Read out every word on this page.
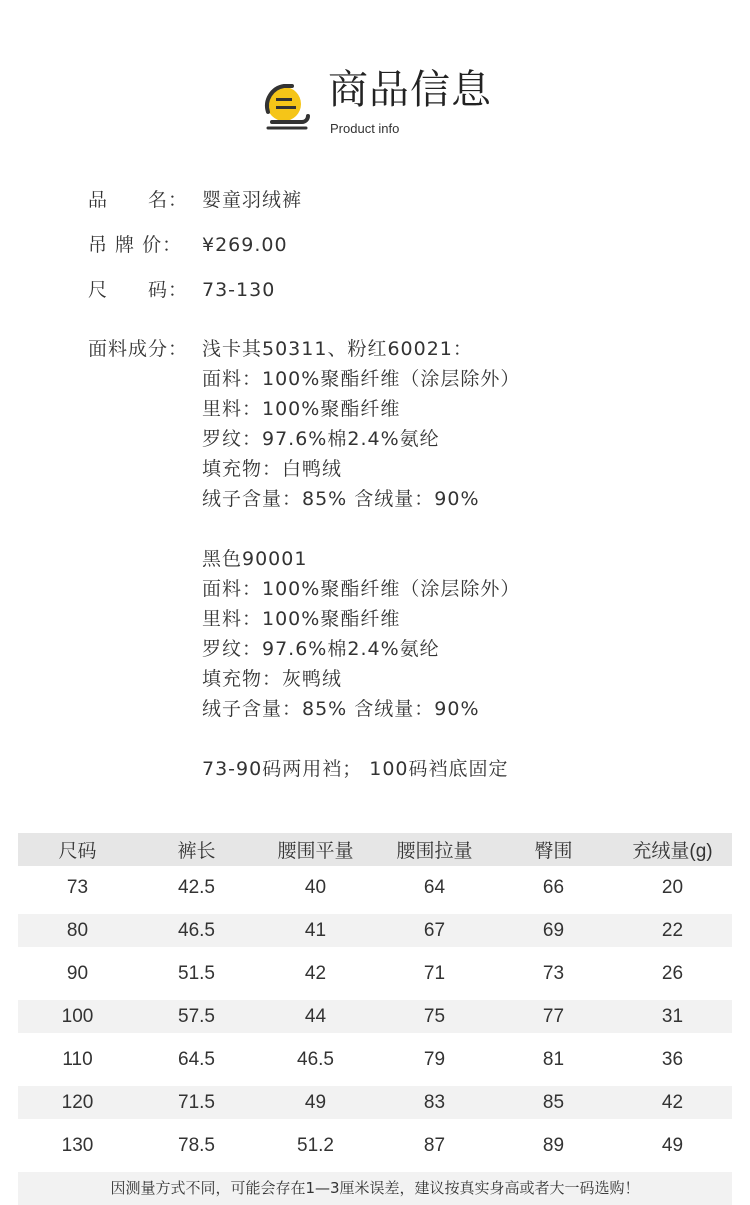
商品信息
Product info
品　　名： 婴童羽绒裤
吊 牌 价：	¥269.00
尺　　码： 73-130
面料成分： 浅卡其50311、粉红60021：
面料：100%聚酯纤维（涂层除外）
里料：100%聚酯纤维
罗纹：97.6%棉2.4%氨纶
填充物：白鸭绒
绒子含量：85% 含绒量：90%
黑色90001
面料：100%聚酯纤维（涂层除外）
里料：100%聚酯纤维
罗纹：97.6%棉2.4%氨纶
填充物：灰鸭绒
绒子含量：85% 含绒量：90%
73-90码两用裆； 100码裆底固定
尺码	裤长	腰围平量	腰围拉量	臀围	充绒量(g)
73	42.5	40	64	66	20
80	46.5	41	67	69	22
90	51.5	42	71	73	26
100	57.5	44	75	77	31
110	64.5	46.5	79	81	36
120	71.5	49	83	85	42
130	78.5	51.2	87	89	49
因测量方式不同，可能会存在1—3厘米误差，建议按真实身高或者大一码选购！
